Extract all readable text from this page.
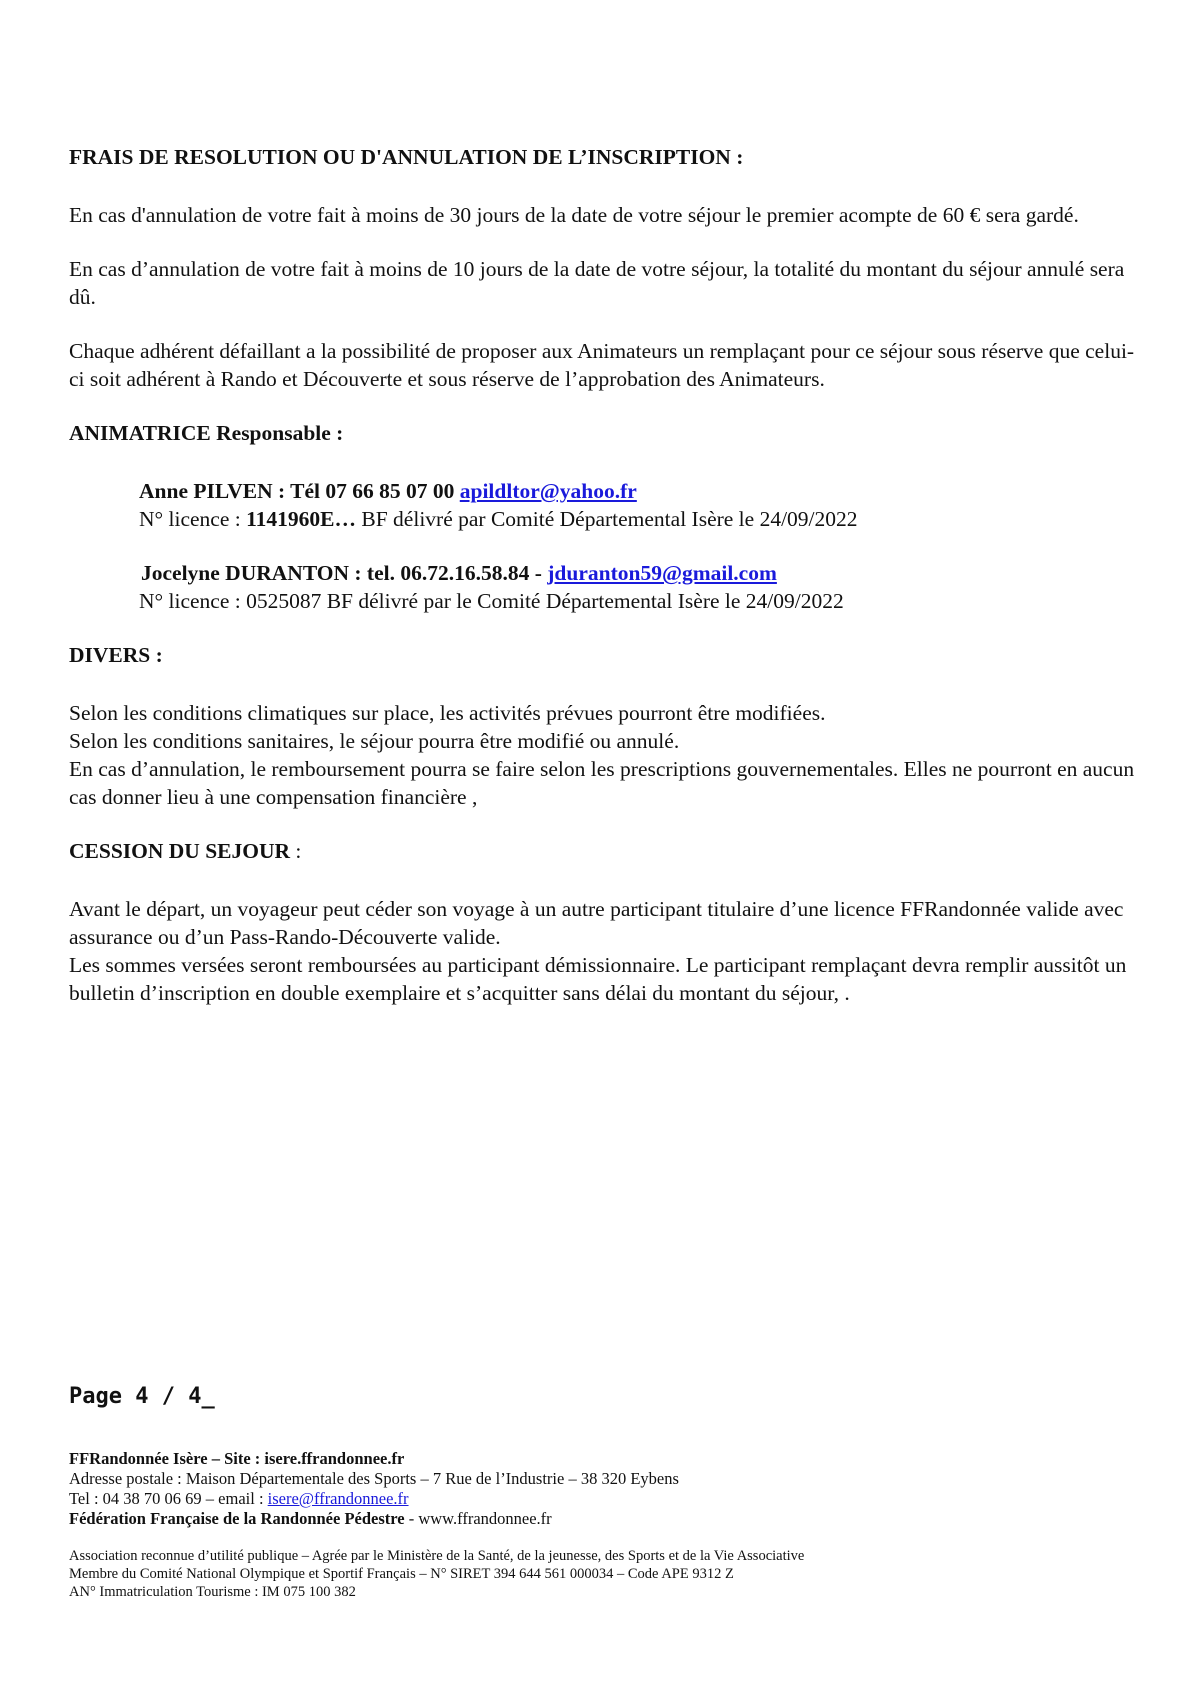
FRAIS DE RESOLUTION OU D'ANNULATION DE L’INSCRIPTION :

En cas d'annulation de votre fait à moins de 30 jours de la date de votre séjour le premier acompte de 60 € sera gardé.

En cas d’annulation de votre fait à moins de 10 jours de la date de votre séjour, la totalité du montant du séjour annulé sera dû.

Chaque adhérent défaillant a la possibilité de proposer aux Animateurs un remplaçant pour ce séjour sous réserve que celui-ci soit adhérent à Rando et Découverte et sous réserve de l’approbation des Animateurs.

ANIMATRICE Responsable :

Anne PILVEN : Tél 07 66 85 07 00 apildltor@yahoo.fr

N° licence : 1141960E… BF délivré par Comité Départemental Isère le 24/09/2022

Jocelyne DURANTON : tel. 06.72.16.58.84 - jduranton59@gmail.com

N° licence : 0525087 BF délivré par le Comité Départemental Isère le 24/09/2022

DIVERS :

Selon les conditions climatiques sur place, les activités prévues pourront être modifiées.

Selon les conditions sanitaires, le séjour pourra être modifié ou annulé.

En cas d’annulation, le remboursement pourra se faire selon les prescriptions gouvernementales. Elles ne pourront en aucun cas donner lieu à une compensation financière ,

CESSION DU SEJOUR :

Avant le départ, un voyageur peut céder son voyage à un autre participant titulaire d’une licence FFRandonnée valide avec assurance ou d’un Pass-Rando-Découverte valide.

Les sommes versées seront remboursées au participant démissionnaire. Le participant remplaçant devra remplir aussitôt un bulletin d’inscription en double exemplaire et s’acquitter sans délai du montant du séjour, .

Page 4 / 4_
FFRandonnée Isère – Site : isere.ffrandonnee.fr
Adresse postale : Maison Départementale des Sports – 7 Rue de l’Industrie – 38 320 Eybens
Tel : 04 38 70 06 69 – email : isere@ffrandonnee.fr
Fédération Française de la Randonnée Pédestre - www.ffrandonnee.fr
Association reconnue d’utilité publique – Agrée par le Ministère de la Santé, de la jeunesse, des Sports et de la Vie Associative
Membre du Comité National Olympique et Sportif Français – N° SIRET 394 644 561 000034 – Code APE 9312 Z
AN° Immatriculation Tourisme : IM 075 100 382
